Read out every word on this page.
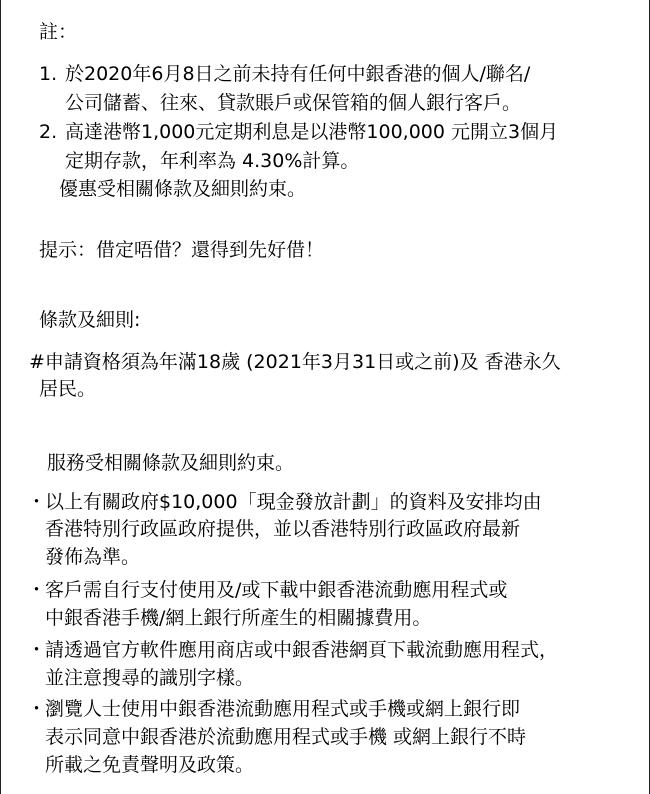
註：
1. 於2020年6月8日之前未持有任何中銀香港的個人/聯名/
公司儲蓄、往來、貸款賬戶或保管箱的個人銀行客戶。
2. 高達港幣1,000元定期利息是以港幣100,000 元開立3個月
定期存款，年利率為 4.30%計算。
優惠受相關條款及細則約束。
提示：借定唔借？還得到先好借！
條款及細則:
#申請資格須為年滿18歲 (2021年3月31日或之前)及 香港永久
居民。
服務受相關條款及細則約束。
・
以上有關政府$10,000「現金發放計劃」的資料及安排均由
香港特別行政區政府提供，並以香港特別行政區政府最新
發佈為準。
・
客戶需自行支付使用及/或下載中銀香港流動應用程式或
中銀香港手機/網上銀行所產生的相關據費用。
・
請透過官方軟件應用商店或中銀香港網頁下載流動應用程式，
並注意搜尋的識別字樣。
・
瀏覽人士使用中銀香港流動應用程式或手機或網上銀行即
表示同意中銀香港於流動應用程式或手機 或網上銀行不時
所載之免責聲明及政策。
